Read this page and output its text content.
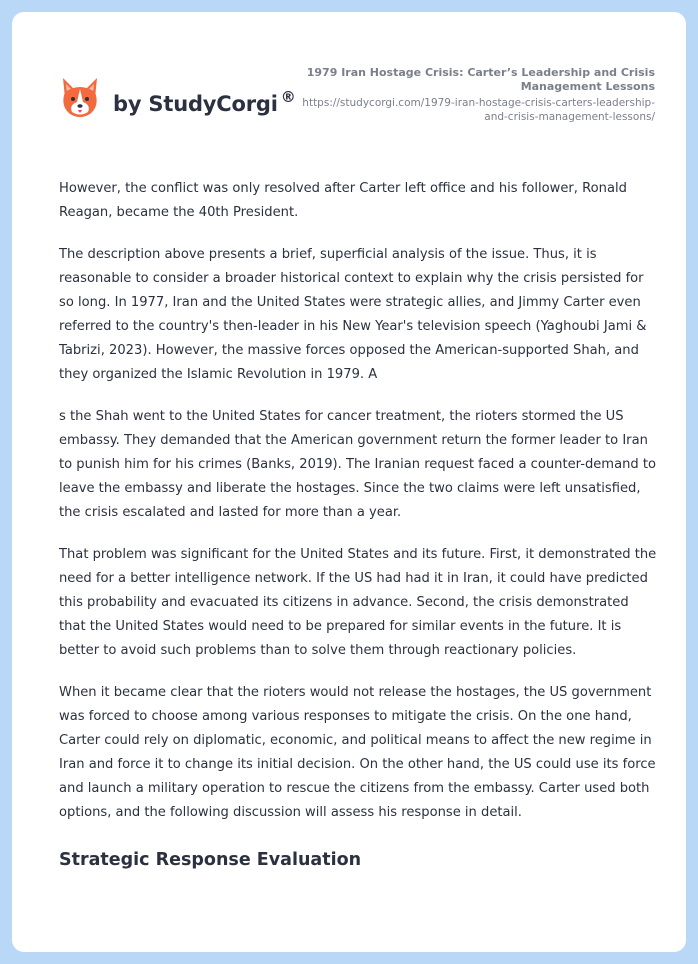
by StudyCorgi ®
1979 Iran Hostage Crisis: Carter’s Leadership and Crisis Management Lessons
https://studycorgi.com/1979-iran-hostage-crisis-carters-leadership-and-crisis-management-lessons/

However, the conflict was only resolved after Carter left office and his follower, Ronald Reagan, became the 40th President.

The description above presents a brief, superficial analysis of the issue. Thus, it is reasonable to consider a broader historical context to explain why the crisis persisted for so long. In 1977, Iran and the United States were strategic allies, and Jimmy Carter even referred to the country's then-leader in his New Year's television speech (Yaghoubi Jami & Tabrizi, 2023). However, the massive forces opposed the American-supported Shah, and they organized the Islamic Revolution in 1979. A

s the Shah went to the United States for cancer treatment, the rioters stormed the US embassy. They demanded that the American government return the former leader to Iran to punish him for his crimes (Banks, 2019). The Iranian request faced a counter-demand to leave the embassy and liberate the hostages. Since the two claims were left unsatisfied, the crisis escalated and lasted for more than a year.

That problem was significant for the United States and its future. First, it demonstrated the need for a better intelligence network. If the US had had it in Iran, it could have predicted this probability and evacuated its citizens in advance. Second, the crisis demonstrated that the United States would need to be prepared for similar events in the future. It is better to avoid such problems than to solve them through reactionary policies.

When it became clear that the rioters would not release the hostages, the US government was forced to choose among various responses to mitigate the crisis. On the one hand, Carter could rely on diplomatic, economic, and political means to affect the new regime in Iran and force it to change its initial decision. On the other hand, the US could use its force and launch a military operation to rescue the citizens from the embassy. Carter used both options, and the following discussion will assess his response in detail.

Strategic Response Evaluation
